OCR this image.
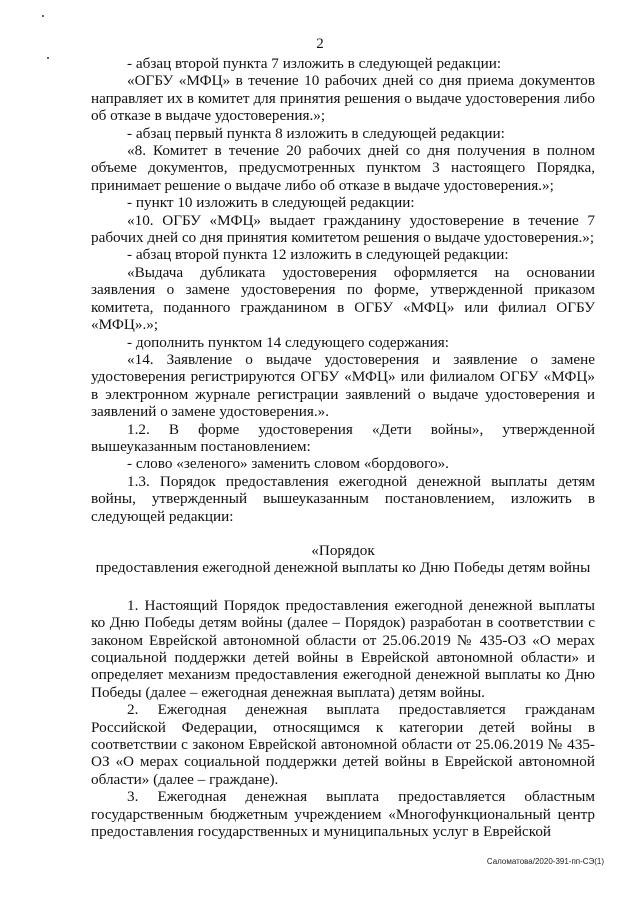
2

- абзац второй пункта 7 изложить в следующей редакции:

«ОГБУ «МФЦ» в течение 10 рабочих дней со дня приема документов направляет их в комитет для принятия решения о выдаче удостоверения либо об отказе в выдаче удостоверения.»;

- абзац первый пункта 8 изложить в следующей редакции:

«8. Комитет в течение 20 рабочих дней со дня получения в полном объеме документов, предусмотренных пунктом 3 настоящего Порядка, принимает решение о выдаче либо об отказе в выдаче удостоверения.»;

- пункт 10 изложить в следующей редакции:

«10. ОГБУ «МФЦ» выдает гражданину удостоверение в течение 7 рабочих дней со дня принятия комитетом решения о выдаче удостоверения.»;

- абзац второй пункта 12 изложить в следующей редакции:

«Выдача дубликата удостоверения оформляется на основании заявления о замене удостоверения по форме, утвержденной приказом комитета, поданного гражданином в ОГБУ «МФЦ» или филиал ОГБУ «МФЦ».»;

- дополнить пунктом 14 следующего содержания:

«14. Заявление о выдаче удостоверения и заявление о замене удостоверения регистрируются ОГБУ «МФЦ» или филиалом ОГБУ «МФЦ» в электронном журнале регистрации заявлений о выдаче удостоверения и заявлений о замене удостоверения.».

1.2. В форме удостоверения «Дети войны», утвержденной вышеуказанным постановлением:

- слово «зеленого» заменить словом «бордового».

1.3. Порядок предоставления ежегодной денежной выплаты детям войны, утвержденный вышеуказанным постановлением, изложить в следующей редакции:

«Порядок

предоставления ежегодной денежной выплаты ко Дню Победы детям войны

1. Настоящий Порядок предоставления ежегодной денежной выплаты ко Дню Победы детям войны (далее – Порядок) разработан в соответствии с законом Еврейской автономной области от 25.06.2019 № 435-ОЗ «О мерах социальной поддержки детей войны в Еврейской автономной области» и определяет механизм предоставления ежегодной денежной выплаты ко Дню Победы (далее – ежегодная денежная выплата) детям войны.

2. Ежегодная денежная выплата предоставляется гражданам Российской Федерации, относящимся к категории детей войны в соответствии с законом Еврейской автономной области от 25.06.2019 № 435-ОЗ «О мерах социальной поддержки детей войны в Еврейской автономной области» (далее – граждане).

3. Ежегодная денежная выплата предоставляется областным государственным бюджетным учреждением «Многофункциональный центр предоставления государственных и муниципальных услуг в Еврейской

Саломатова/2020-391-пп-СЭ(1)
